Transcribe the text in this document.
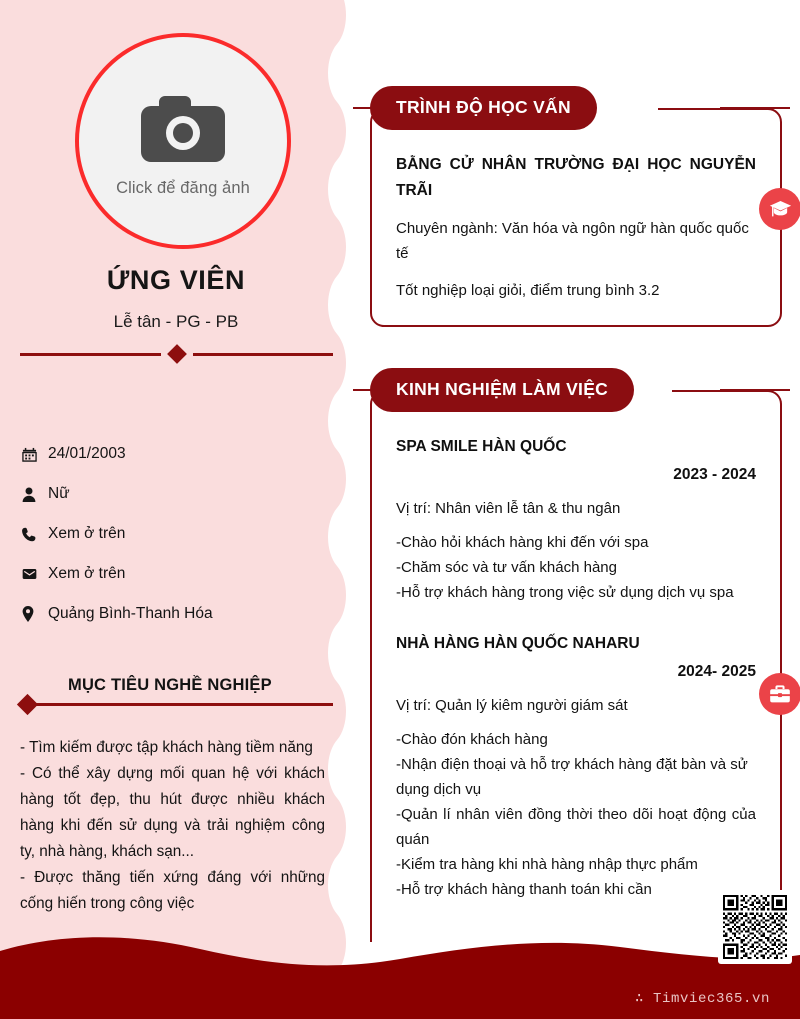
Click để đăng ảnh
ỨNG VIÊN
Lễ tân - PG - PB
24/01/2003
Nữ
Xem ở trên
Xem ở trên
Quảng Bình-Thanh Hóa
MỤC TIÊU NGHỀ NGHIỆP

- Tìm kiếm được tập khách hàng tiềm năng

- Có thể xây dựng mối quan hệ với khách hàng tốt đẹp, thu hút được nhiều khách hàng khi đến sử dụng và trải nghiệm công ty, nhà hàng, khách sạn...

- Được thăng tiến xứng đáng với những cống hiến trong công việc

TRÌNH ĐỘ HỌC VẤN
BẰNG CỬ NHÂN TRƯỜNG ĐẠI HỌC NGUYỄN TRÃI
Chuyên ngành: Văn hóa và ngôn ngữ hàn quốc quốc tế
Tốt nghiệp loại giỏi, điểm trung bình 3.2
KINH NGHIỆM LÀM VIỆC
SPA SMILE HÀN QUỐC
2023 - 2024
Vị trí: Nhân viên lễ tân & thu ngân

-Chào hỏi khách hàng khi đến với spa

-Chăm sóc và tư vấn khách hàng

-Hỗ trợ khách hàng trong việc sử dụng dịch vụ spa

NHÀ HÀNG HÀN QUỐC NAHARU
2024- 2025
Vị trí: Quản lý kiêm người giám sát

-Chào đón khách hàng

-Nhận điện thoại và hỗ trợ khách hàng đặt bàn và sử dụng dịch vụ

-Quản lí nhân viên đồng thời theo dõi hoạt động của quán

-Kiểm tra hàng khi nhà hàng nhập thực phẩm

-Hỗ trợ khách hàng thanh toán khi cần

∴ Timviec365.vn
